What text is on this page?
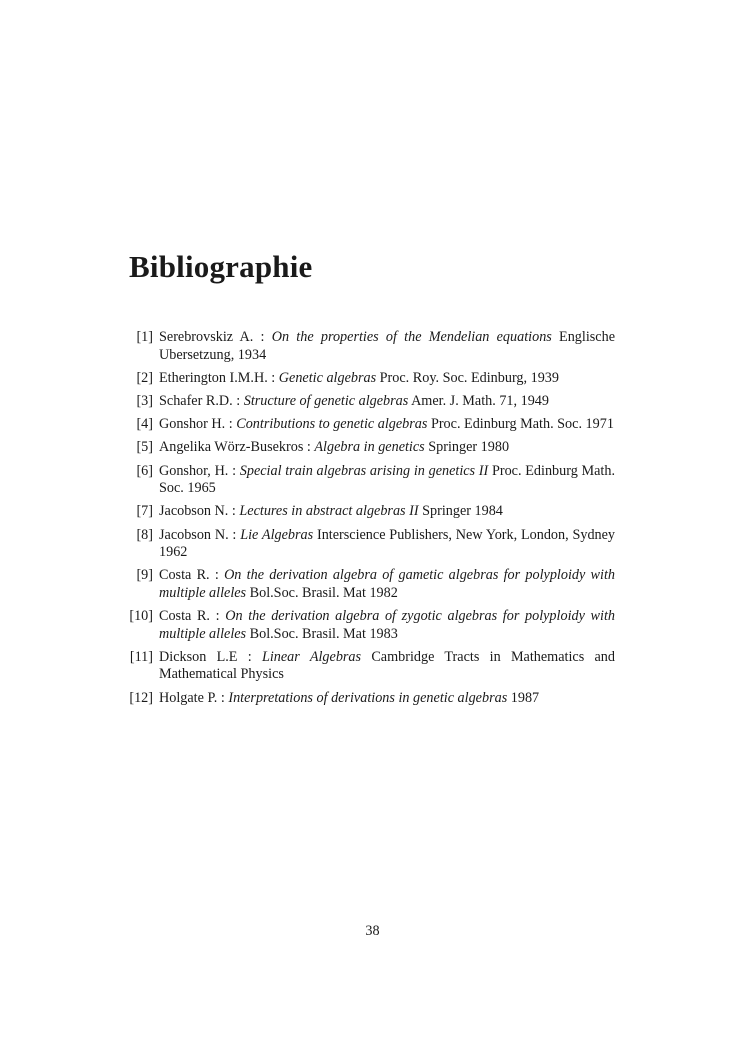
Bibliographie
[1] Serebrovskiz A. : On the properties of the Mendelian equations Englische Ubersetzung, 1934
[2] Etherington I.M.H. : Genetic algebras Proc. Roy. Soc. Edinburg, 1939
[3] Schafer R.D. : Structure of genetic algebras Amer. J. Math. 71, 1949
[4] Gonshor H. : Contributions to genetic algebras Proc. Edinburg Math. Soc. 1971
[5] Angelika Wörz-Busekros : Algebra in genetics Springer 1980
[6] Gonshor, H. : Special train algebras arising in genetics II Proc. Edinburg Math. Soc. 1965
[7] Jacobson N. : Lectures in abstract algebras II Springer 1984
[8] Jacobson N. : Lie Algebras Interscience Publishers, New York, London, Sydney 1962
[9] Costa R. : On the derivation algebra of gametic algebras for polyploidy with multiple alleles Bol.Soc. Brasil. Mat 1982
[10] Costa R. : On the derivation algebra of zygotic algebras for polyploidy with multiple alleles Bol.Soc. Brasil. Mat 1983
[11] Dickson L.E : Linear Algebras Cambridge Tracts in Mathematics and Mathematical Physics
[12] Holgate P. : Interpretations of derivations in genetic algebras 1987
38
